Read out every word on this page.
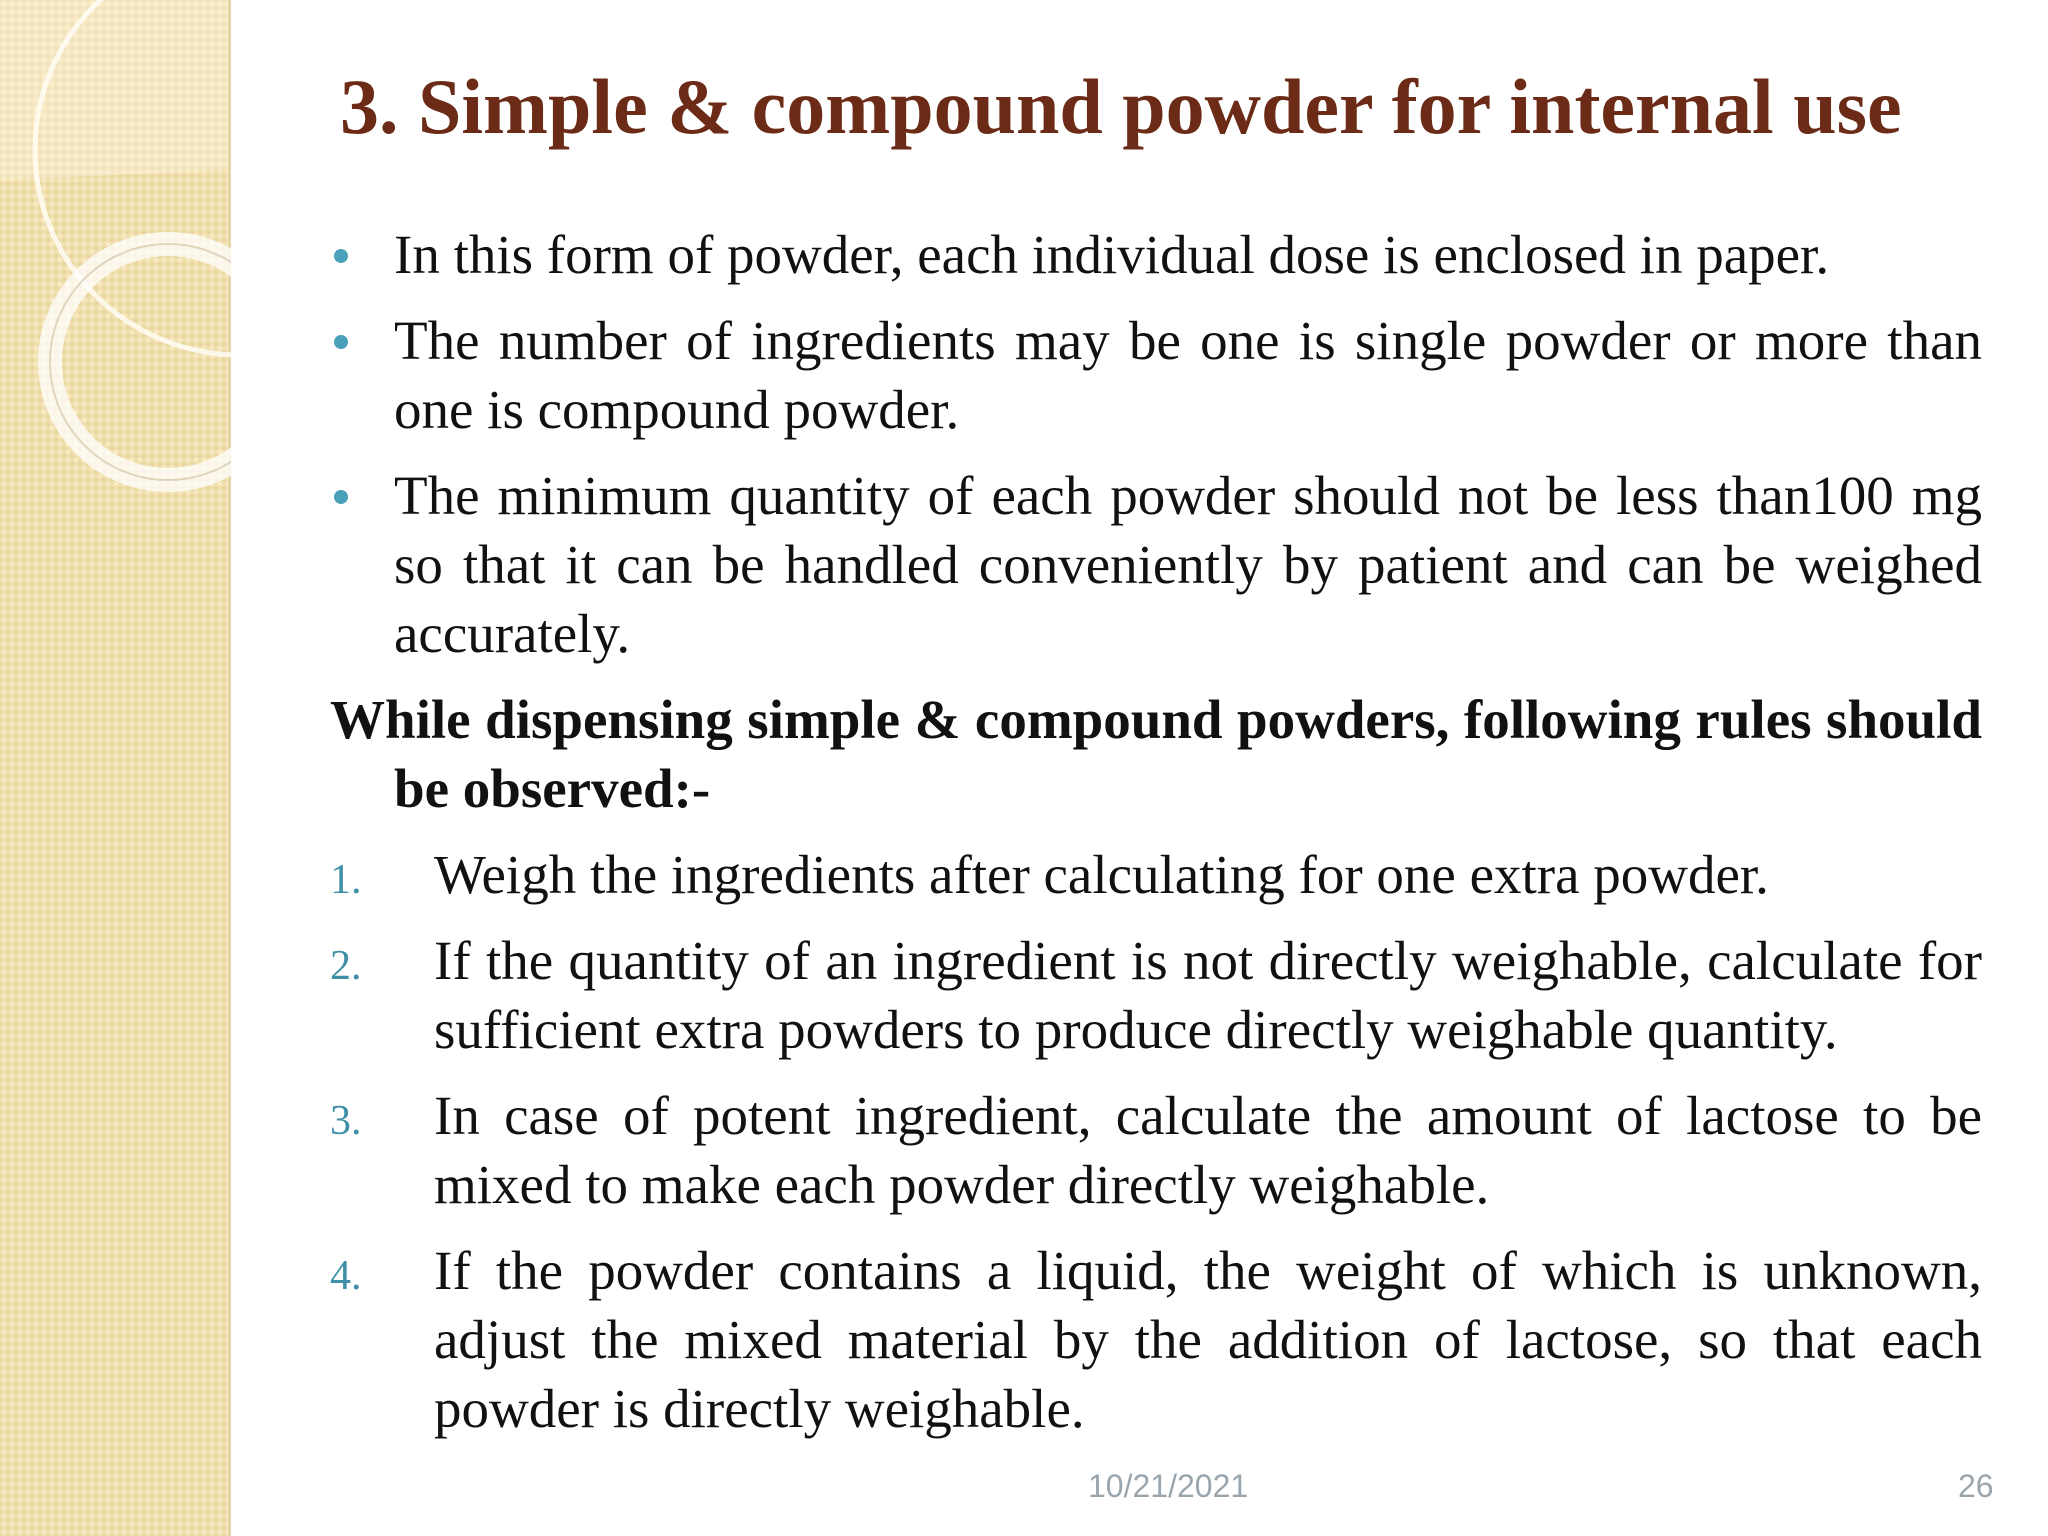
3. Simple & compound powder for internal use
In this form of powder, each individual dose is enclosed in paper.
The number of ingredients may be one is single powder or more than one is compound powder.
The minimum quantity of each powder should not be less than100 mg so that it can be handled conveniently by patient and can be weighed accurately.
While dispensing simple & compound powders, following rules should be observed:-
1. Weigh the ingredients after calculating for one extra powder.
2. If the quantity of an ingredient is not directly weighable, calculate for sufficient extra powders to produce directly weighable quantity.
3. In case of potent ingredient, calculate the amount of lactose to be mixed to make each powder directly weighable.
4. If the powder contains a liquid, the weight of which is unknown, adjust the mixed material by the addition of lactose, so that each powder is directly weighable.
10/21/2021	26
